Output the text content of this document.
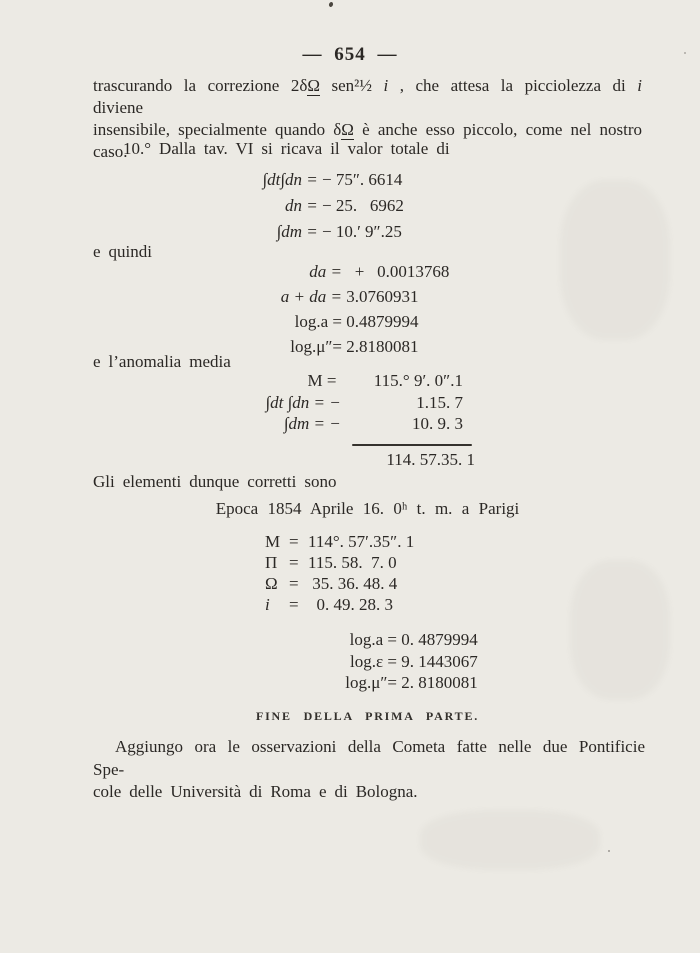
— 654 —
trascurando la correzione 2δΩ sen²½ i , che attesa la picciolezza di i diviene
insensibile, specialmente quando δΩ è anche esso piccolo, come nel nostro
caso.
10.° Dalla tav. VI si ricava il valor totale di
∫dt∫dn = − 75″. 6614
dn = − 25.   6962
∫dm = − 10.′ 9″.25
e quindi
da = +   0.0013768
a + da = 3.0760931
log.a = 0.4879994
log.μ″= 2.8180081
e l’anomalia media
M =	115.° 9′. 0″.1
∫dt ∫dn = −	1.15. 7
∫dm = −	10. 9. 3
114. 57.35. 1
Gli elementi dunque corretti sono
Epoca 1854 Aprile 16. 0ʰ t. m. a Parigi
M = 114°. 57′.35″. 1
Π = 115. 58.  7. 0
Ω = 35. 36. 48. 4
i	= 0. 49. 28. 3
log.a = 0. 4879994
log.ε = 9. 1443067
log.μ″= 2. 8180081
FINE DELLA PRIMA PARTE.
Aggiungo ora le osservazioni della Cometa fatte nelle due Pontificie Spe-
cole delle Università di Roma e di Bologna.
